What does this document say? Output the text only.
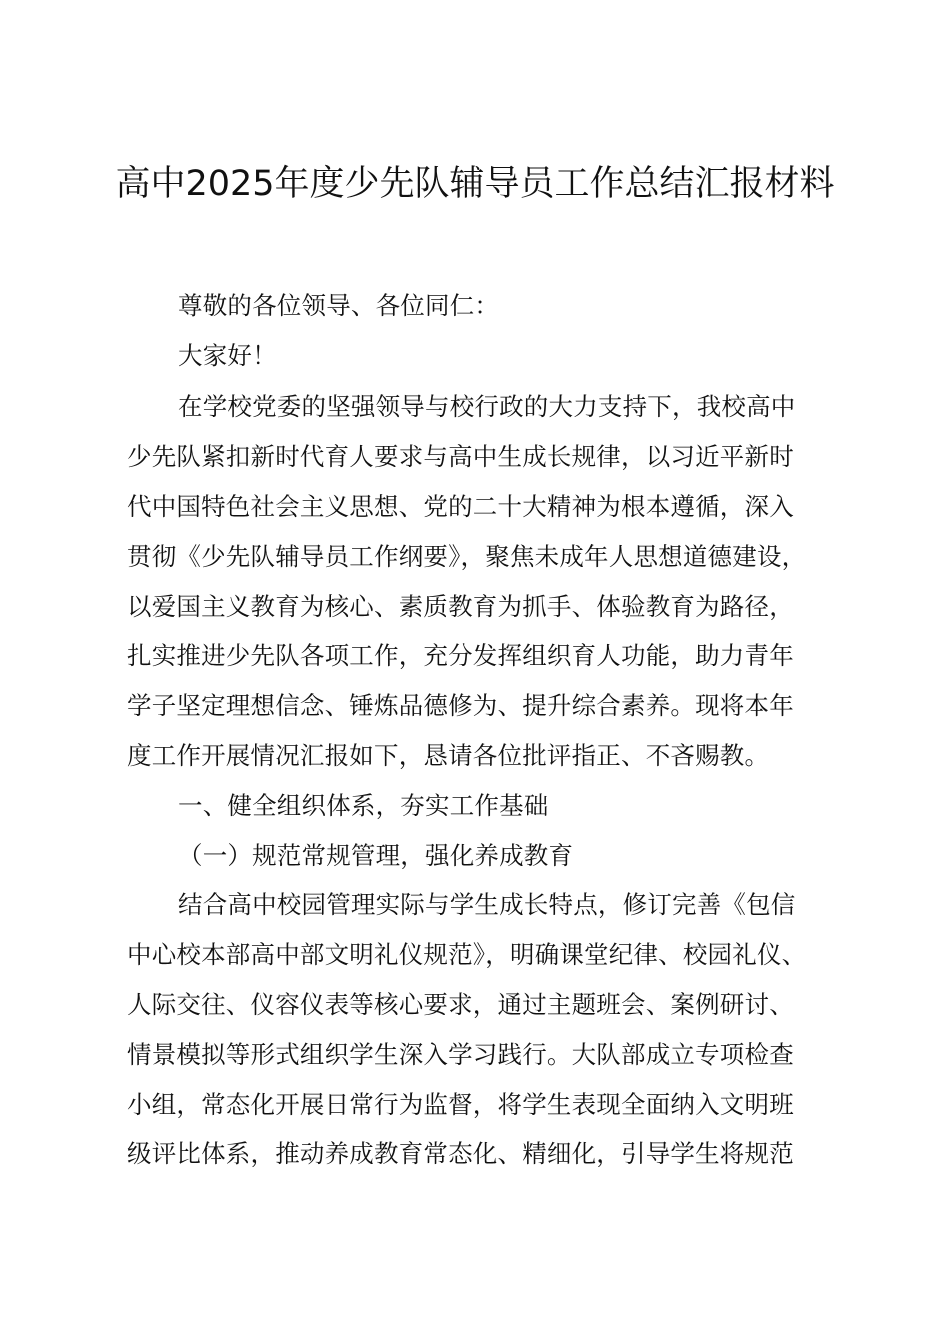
高中2025年度少先队辅导员工作总结汇报材料

尊敬的各位领导、各位同仁：

大家好！

在学校党委的坚强领导与校行政的大力支持下，我校高中

少先队紧扣新时代育人要求与高中生成长规律，以习近平新时

代中国特色社会主义思想、党的二十大精神为根本遵循，深入

贯彻《少先队辅导员工作纲要》，聚焦未成年人思想道德建设，

以爱国主义教育为核心、素质教育为抓手、体验教育为路径，

扎实推进少先队各项工作，充分发挥组织育人功能，助力青年

学子坚定理想信念、锤炼品德修为、提升综合素养。现将本年

度工作开展情况汇报如下，恳请各位批评指正、不吝赐教。

一、健全组织体系，夯实工作基础

（一）规范常规管理，强化养成教育

结合高中校园管理实际与学生成长特点，修订完善《包信

中心校本部高中部文明礼仪规范》，明确课堂纪律、校园礼仪、

人际交往、仪容仪表等核心要求，通过主题班会、案例研讨、

情景模拟等形式组织学生深入学习践行。大队部成立专项检查

小组，常态化开展日常行为监督，将学生表现全面纳入文明班

级评比体系，推动养成教育常态化、精细化，引导学生将规范
